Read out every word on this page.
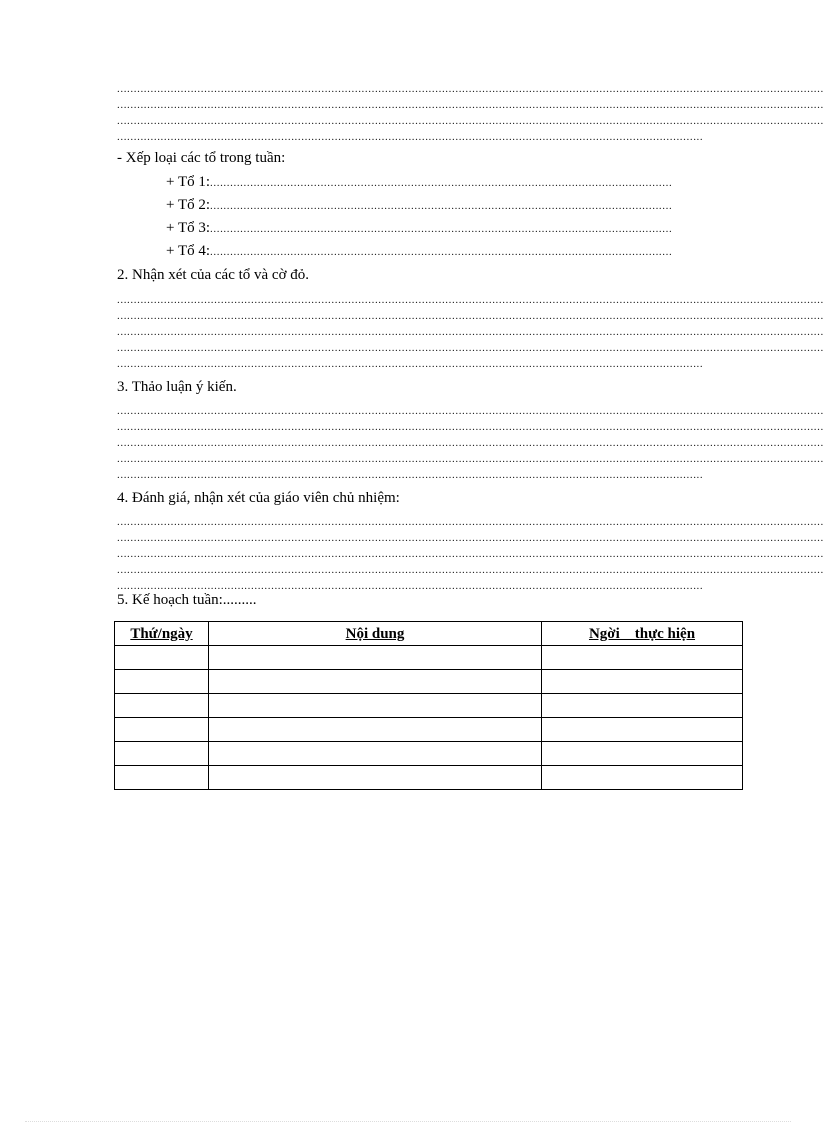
...................................................................................................................................................................................................................
...................................................................................................................................................................................................................
...................................................................................................................................................................................................................
...............................................................................................................................................................................
- Xếp loại các tổ trong tuần:
+ Tổ 1:..........................................................................................................................................
+ Tổ 2:..........................................................................................................................................
+ Tổ 3:..........................................................................................................................................
+ Tổ 4:..........................................................................................................................................
2. Nhận xét của các tổ và cờ đỏ.
...................................................................................................................................................................................................................
...................................................................................................................................................................................................................
...................................................................................................................................................................................................................
...................................................................................................................................................................................................................
...............................................................................................................................................................................
3. Thảo luận ý kiến.
...................................................................................................................................................................................................................
...................................................................................................................................................................................................................
...................................................................................................................................................................................................................
...................................................................................................................................................................................................................
...............................................................................................................................................................................
4. Đánh giá, nhận xét của giáo viên chủ nhiệm:
...................................................................................................................................................................................................................
...................................................................................................................................................................................................................
...................................................................................................................................................................................................................
...................................................................................................................................................................................................................
...............................................................................................................................................................................
5. Kế hoạch tuần:.........
Thứ/ngày	Nội dung	Ngời    thực hiện
